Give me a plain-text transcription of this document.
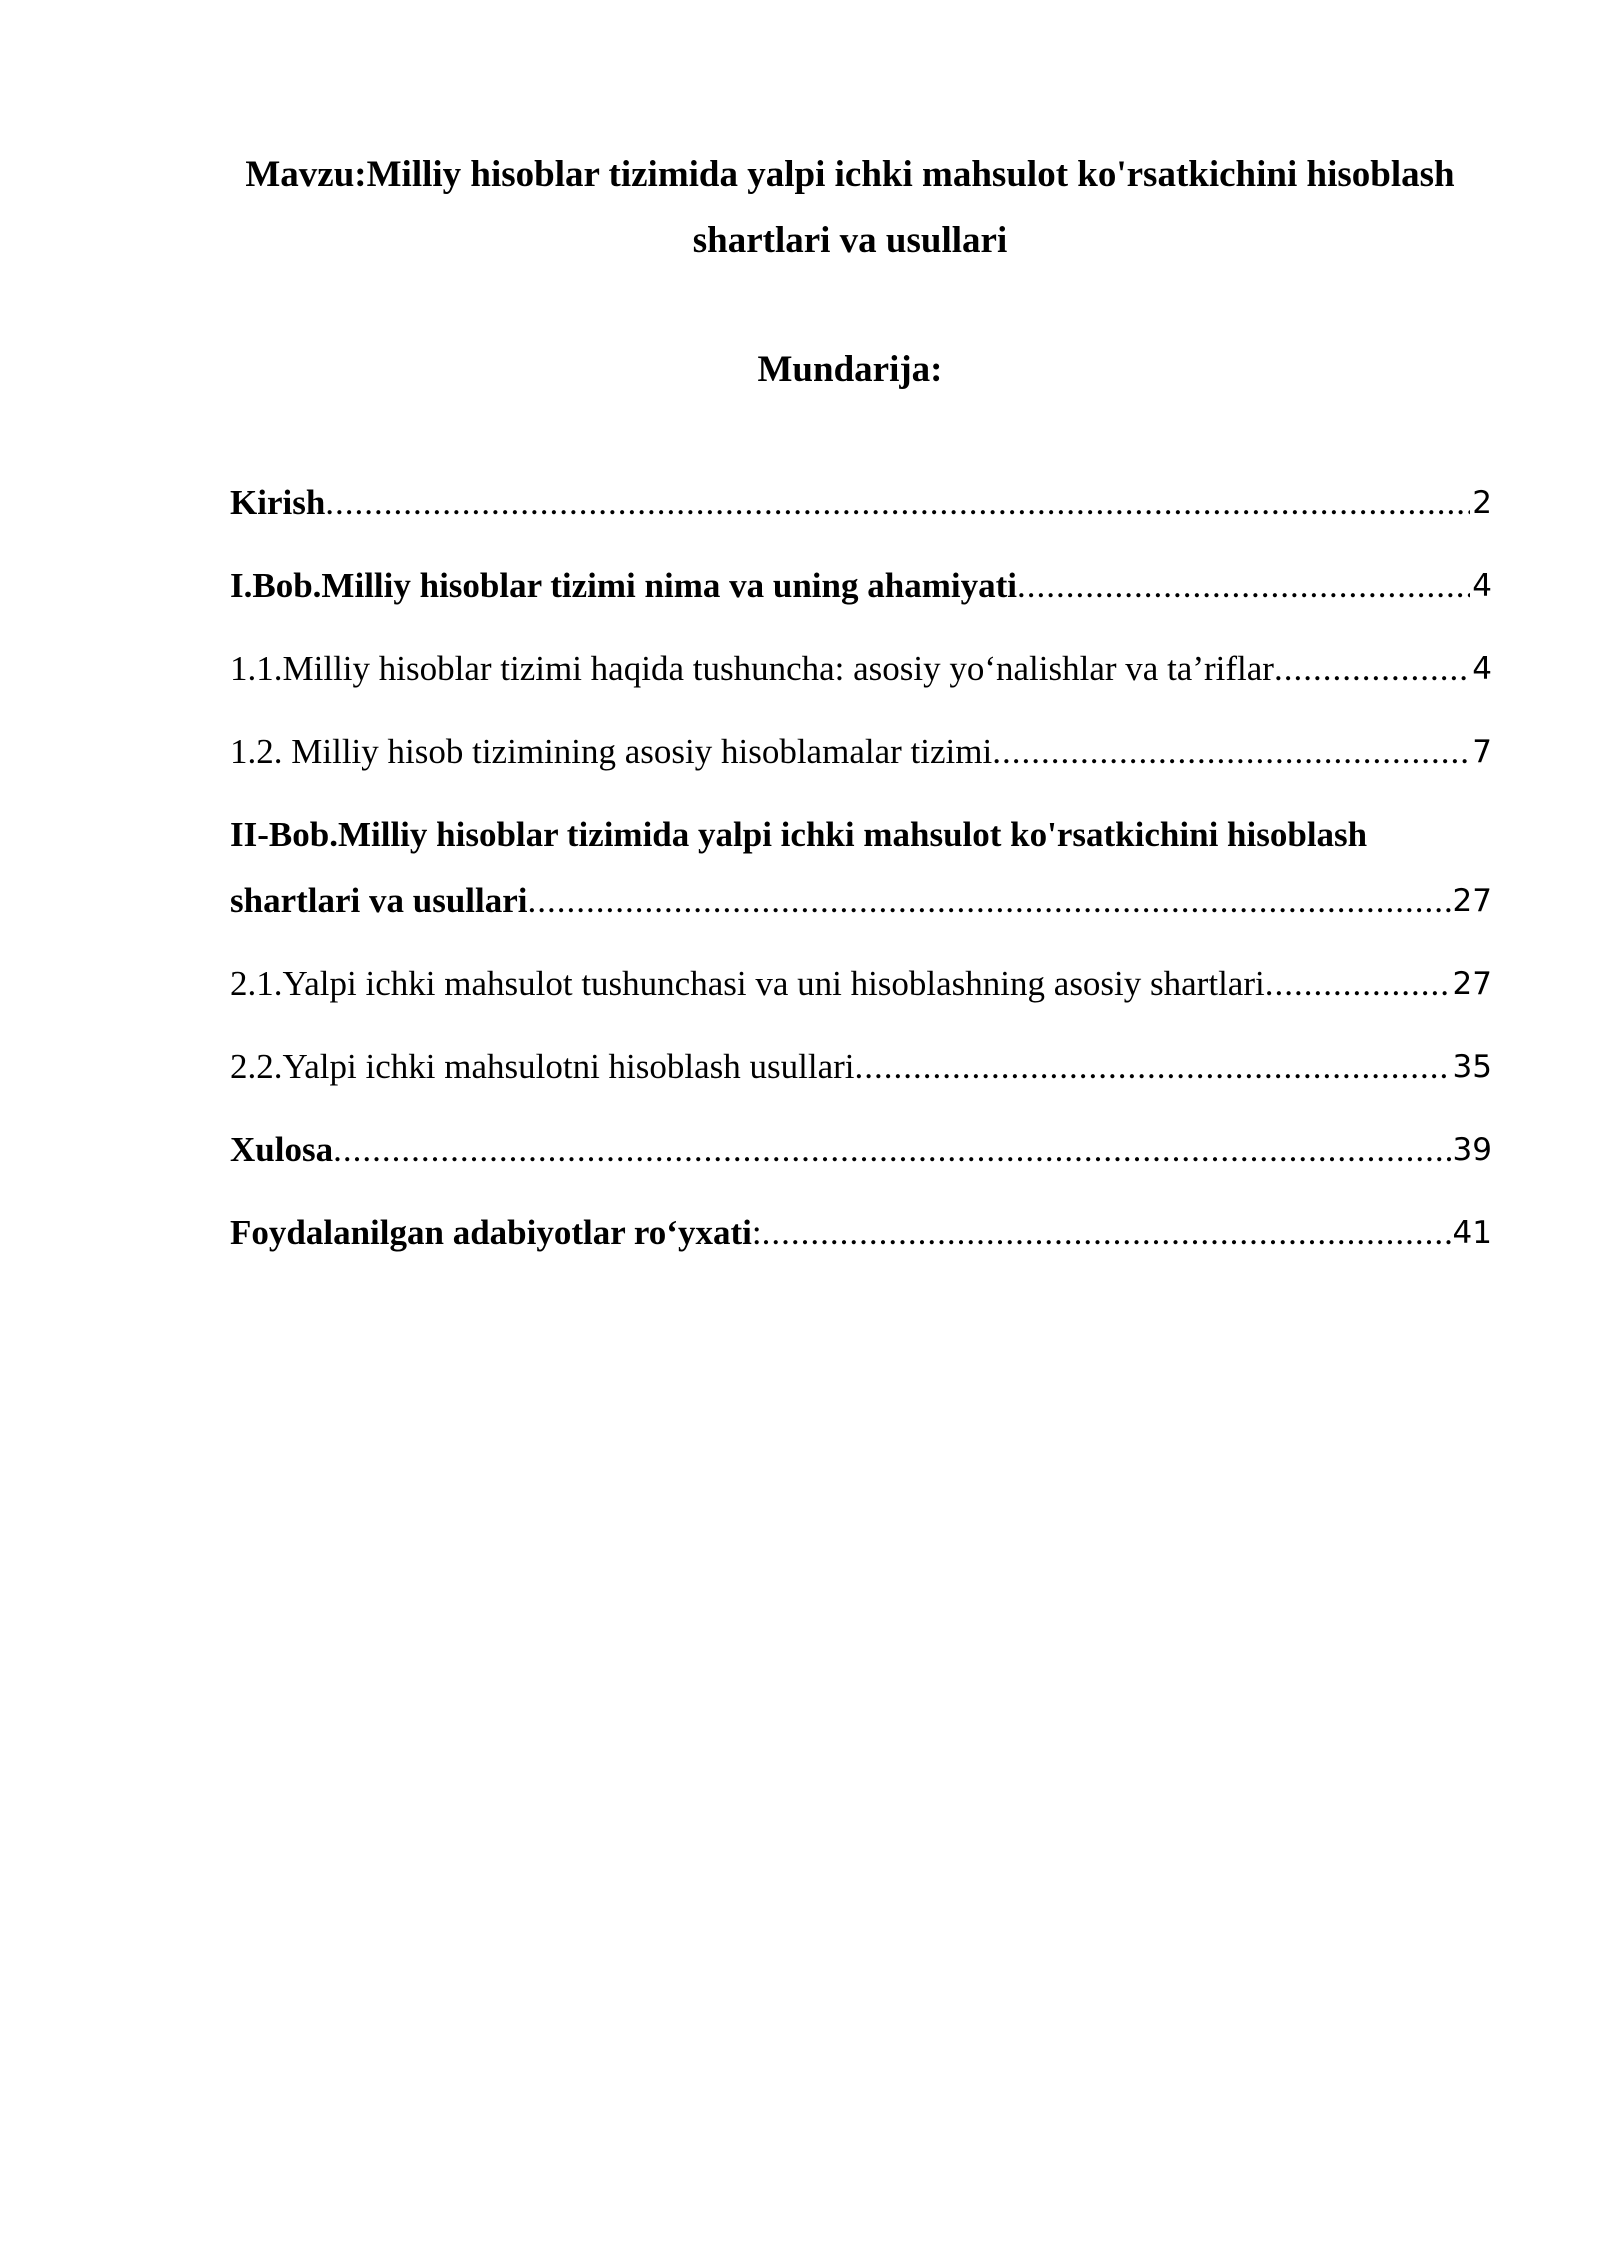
Mavzu:Milliy hisoblar tizimida yalpi ichki mahsulot ko'rsatkichini hisoblash
shartlari va usullari
Mundarija:
Kirish .....	2
I.Bob.Milliy hisoblar tizimi nima va uning ahamiyati .....	4
1.1.Milliy hisoblar tizimi haqida tushuncha: asosiy yo‘nalishlar va ta’riflar .....	4
1.2. Milliy hisob tizimining asosiy hisoblamalar tizimi .....	7
II-Bob.Milliy hisoblar tizimida yalpi ichki mahsulot ko'rsatkichini hisoblash
shartlari va usullari .....	27
2.1.Yalpi ichki mahsulot tushunchasi va uni hisoblashning asosiy shartlari .....	27
2.2.Yalpi ichki mahsulotni hisoblash usullari .....	35
Xulosa .....	39
Foydalanilgan adabiyotlar ro‘yxati : .....	41
